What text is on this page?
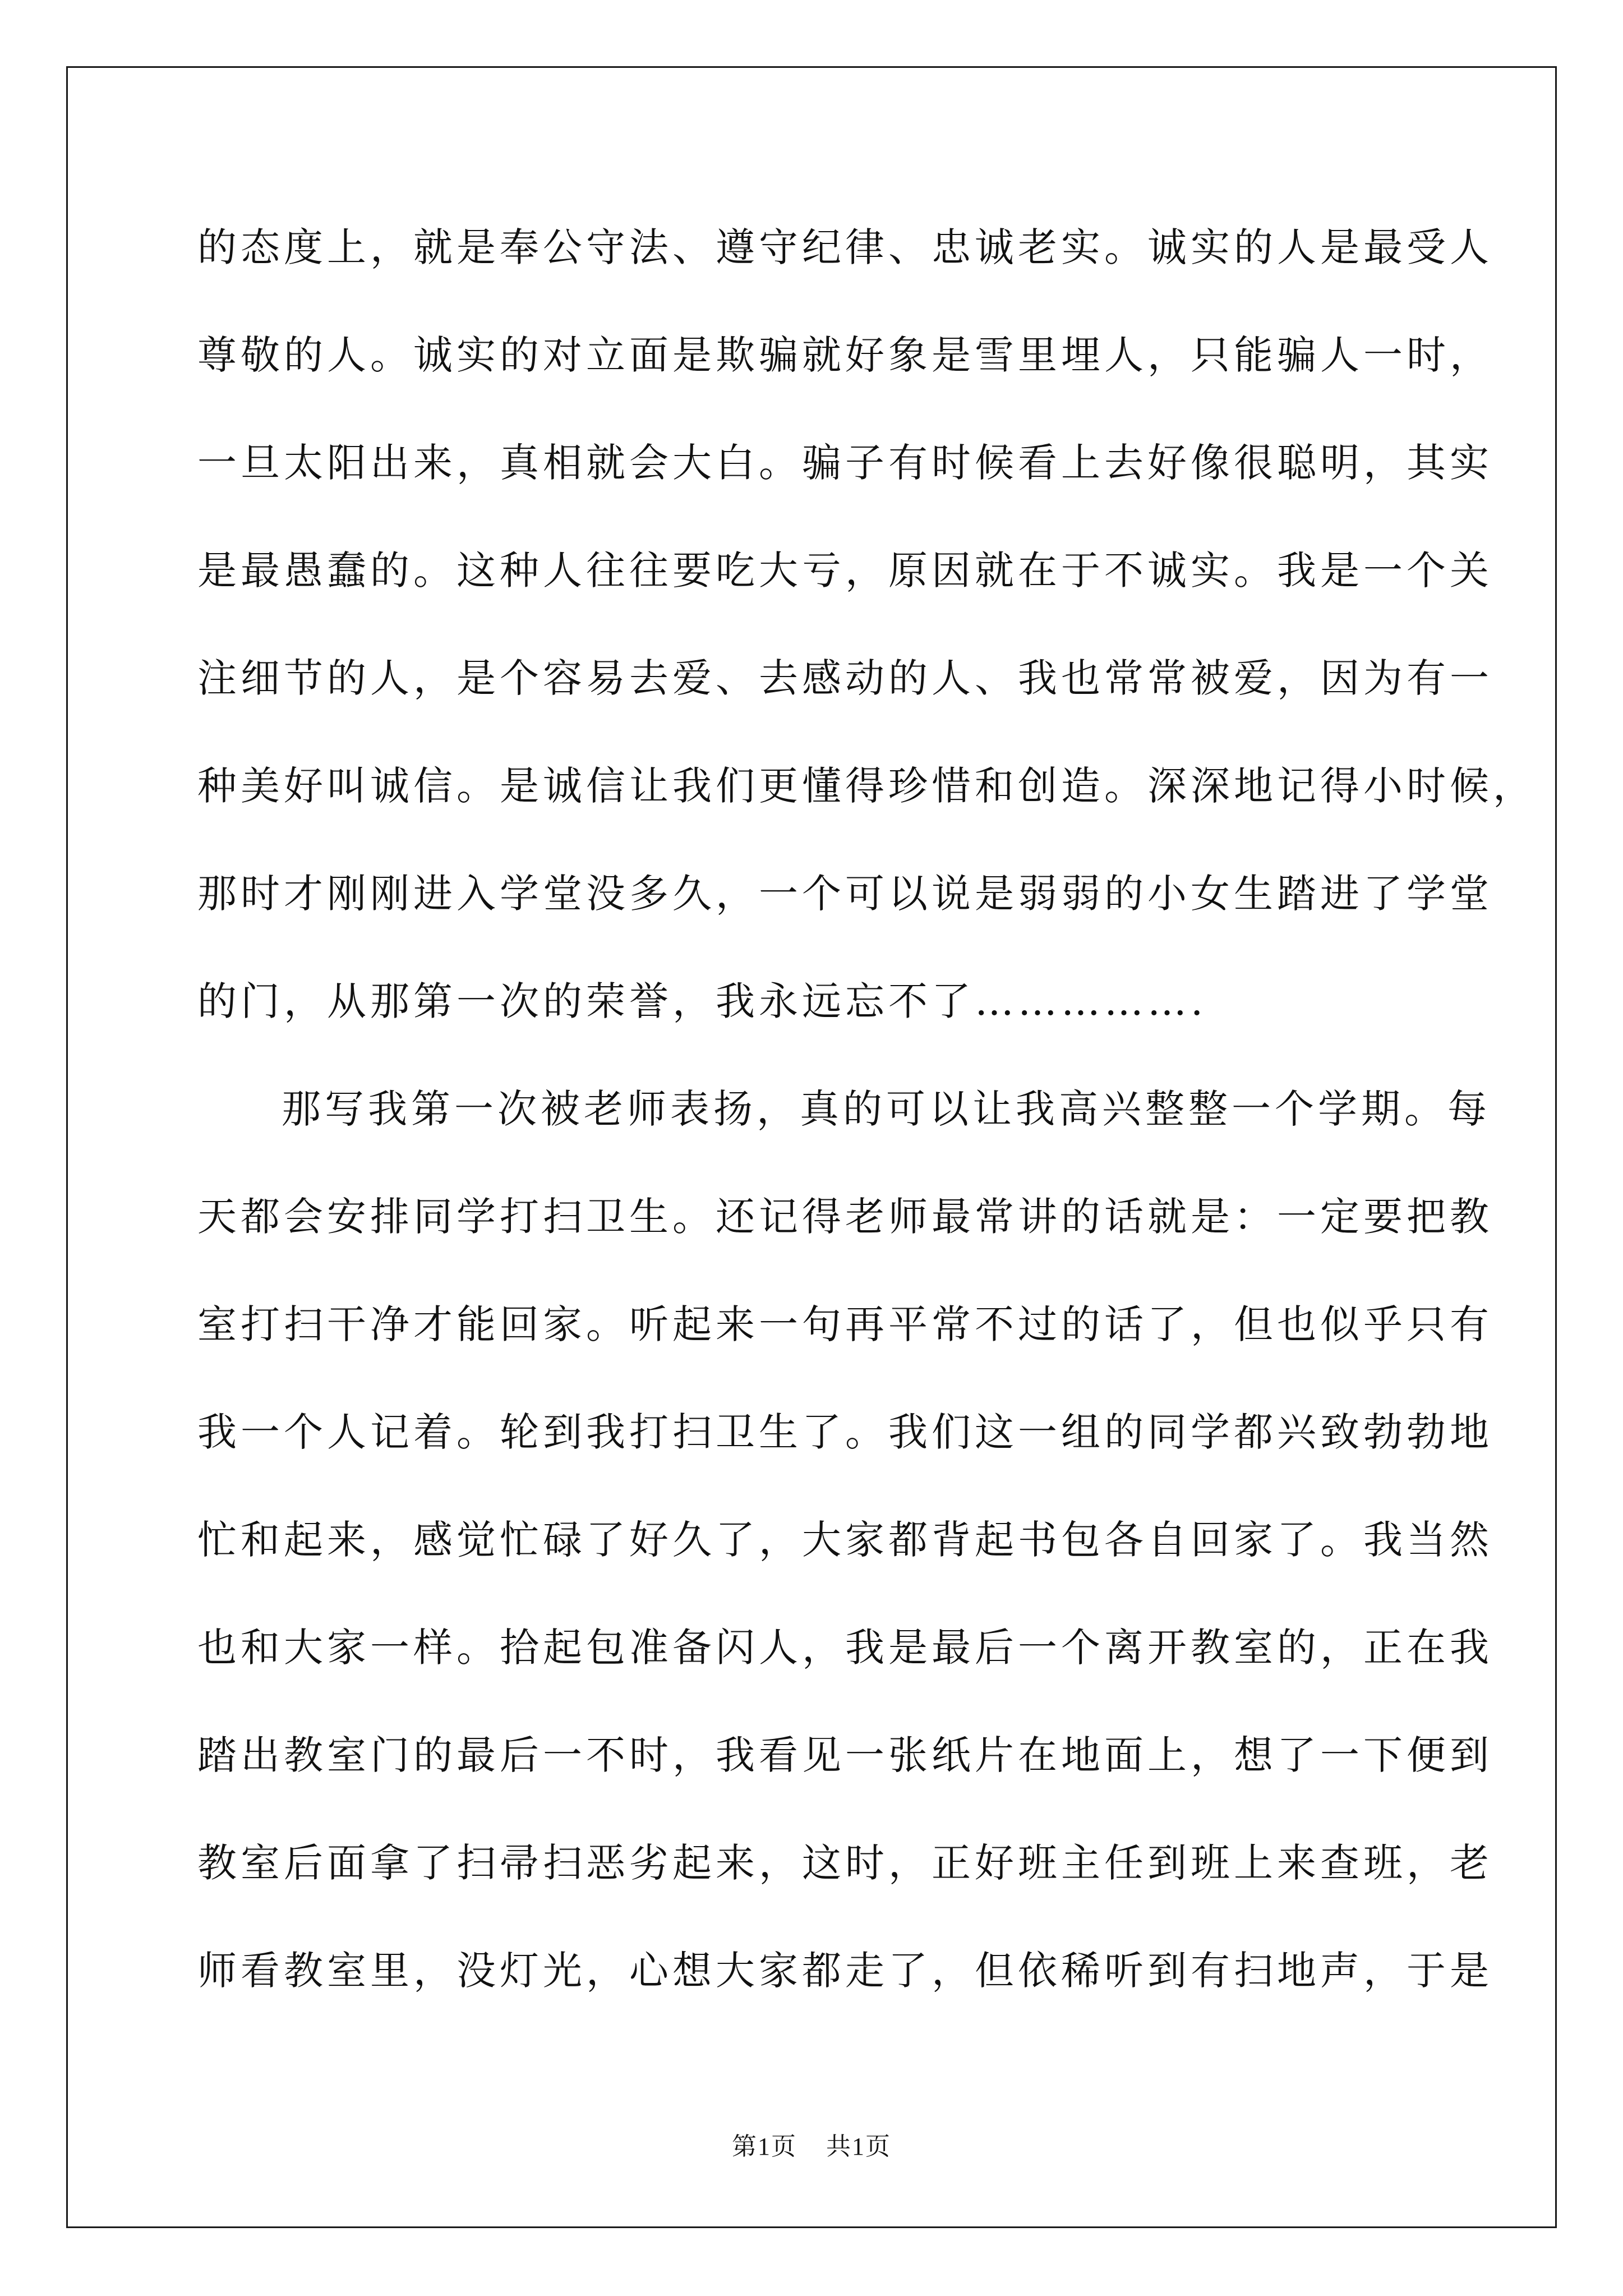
的态度上，就是奉公守法、遵守纪律、忠诚老实。诚实的人是最受人
尊敬的人。诚实的对立面是欺骗就好象是雪里埋人，只能骗人一时，
一旦太阳出来，真相就会大白。骗子有时候看上去好像很聪明，其实
是最愚蠢的。这种人往往要吃大亏，原因就在于不诚实。我是一个关
注细节的人，是个容易去爱、去感动的人、我也常常被爱，因为有一
种美好叫诚信。是诚信让我们更懂得珍惜和创造。深深地记得小时候，
那时才刚刚进入学堂没多久，一个可以说是弱弱的小女生踏进了学堂
的门，从那第一次的荣誉，我永远忘不了…………….
那写我第一次被老师表扬，真的可以让我高兴整整一个学期。每
天都会安排同学打扫卫生。还记得老师最常讲的话就是：一定要把教
室打扫干净才能回家。听起来一句再平常不过的话了，但也似乎只有
我一个人记着。轮到我打扫卫生了。我们这一组的同学都兴致勃勃地
忙和起来，感觉忙碌了好久了，大家都背起书包各自回家了。我当然
也和大家一样。拾起包准备闪人，我是最后一个离开教室的，正在我
踏出教室门的最后一不时，我看见一张纸片在地面上，想了一下便到
教室后面拿了扫帚扫恶劣起来，这时，正好班主任到班上来查班，老
师看教室里，没灯光，心想大家都走了，但依稀听到有扫地声，于是
第1页 共1页
